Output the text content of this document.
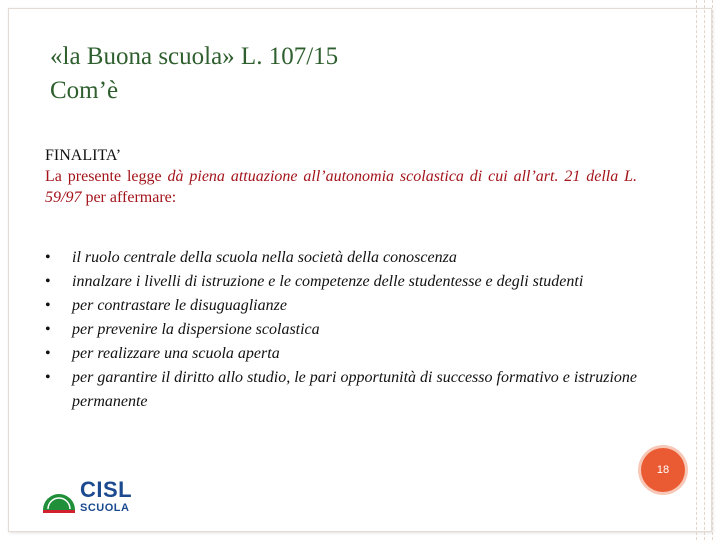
«la Buona scuola» L. 107/15
Com’è
FINALITA’
La presente legge dà piena attuazione all’autonomia scolastica di cui all’art. 21 della L. 59/97 per affermare:
• il ruolo centrale della scuola nella società della conoscenza
• innalzare i livelli di istruzione e le competenze delle studentesse e degli studenti
• per contrastare le disuguaglianze
• per prevenire la dispersione scolastica
• per realizzare una scuola aperta
• per garantire il diritto allo studio, le pari opportunità di successo formativo e istruzione permanente
18
CISL
SCUOLA
